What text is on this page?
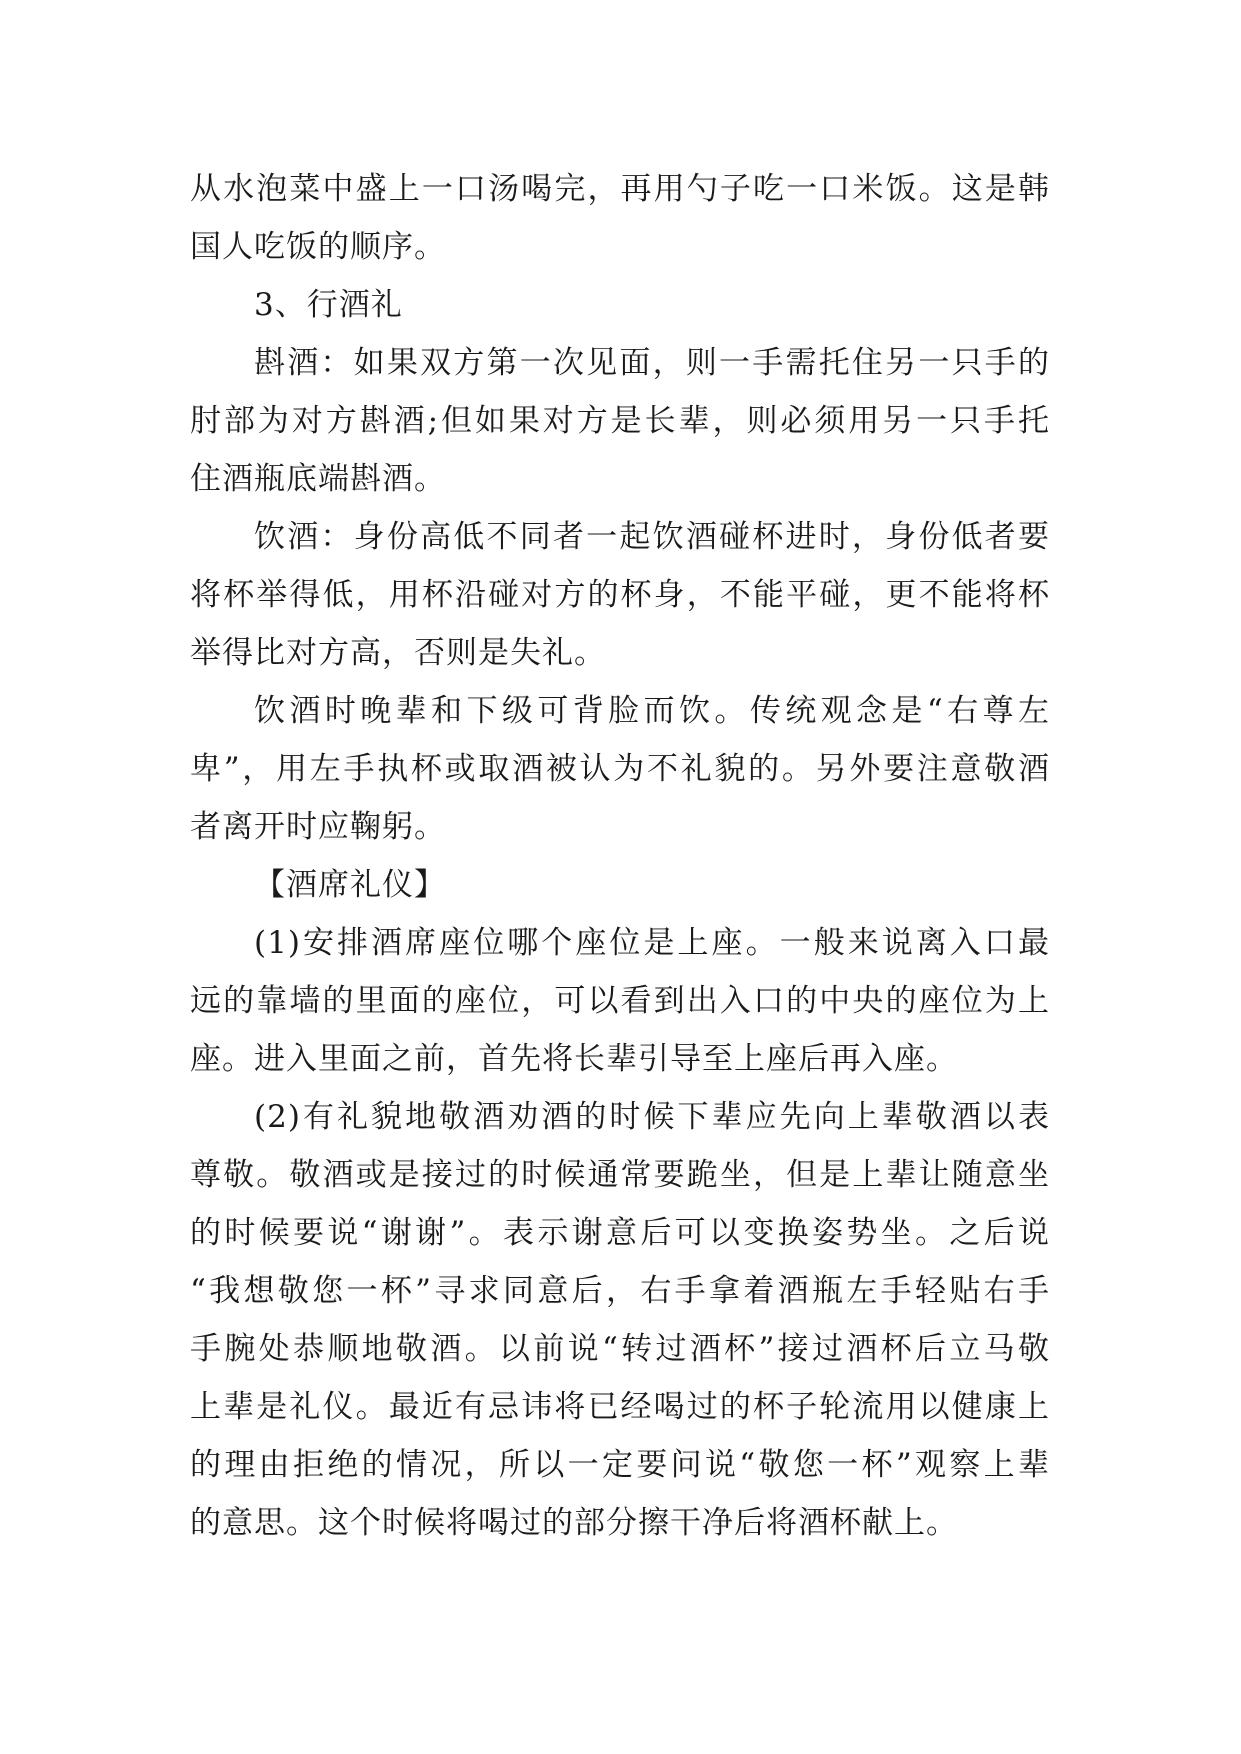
从水泡菜中盛上一口汤喝完，再用勺子吃一口米饭。这是韩
国人吃饭的顺序。
3、行酒礼
斟酒：如果双方第一次见面，则一手需托住另一只手的
肘部为对方斟酒;但如果对方是长辈，则必须用另一只手托
住酒瓶底端斟酒。
饮酒：身份高低不同者一起饮酒碰杯进时，身份低者要
将杯举得低，用杯沿碰对方的杯身，不能平碰，更不能将杯
举得比对方高，否则是失礼。
饮酒时晚辈和下级可背脸而饮。传统观念是“右尊左
卑”，用左手执杯或取酒被认为不礼貌的。另外要注意敬酒
者离开时应鞠躬。
【酒席礼仪】
(1)安排酒席座位哪个座位是上座。一般来说离入口最
远的靠墙的里面的座位，可以看到出入口的中央的座位为上
座。进入里面之前，首先将长辈引导至上座后再入座。
(2)有礼貌地敬酒劝酒的时候下辈应先向上辈敬酒以表
尊敬。敬酒或是接过的时候通常要跪坐，但是上辈让随意坐
的时候要说“谢谢”。表示谢意后可以变换姿势坐。之后说
“我想敬您一杯”寻求同意后，右手拿着酒瓶左手轻贴右手
手腕处恭顺地敬酒。以前说“转过酒杯”接过酒杯后立马敬
上辈是礼仪。最近有忌讳将已经喝过的杯子轮流用以健康上
的理由拒绝的情况，所以一定要问说“敬您一杯”观察上辈
的意思。这个时候将喝过的部分擦干净后将酒杯献上。
